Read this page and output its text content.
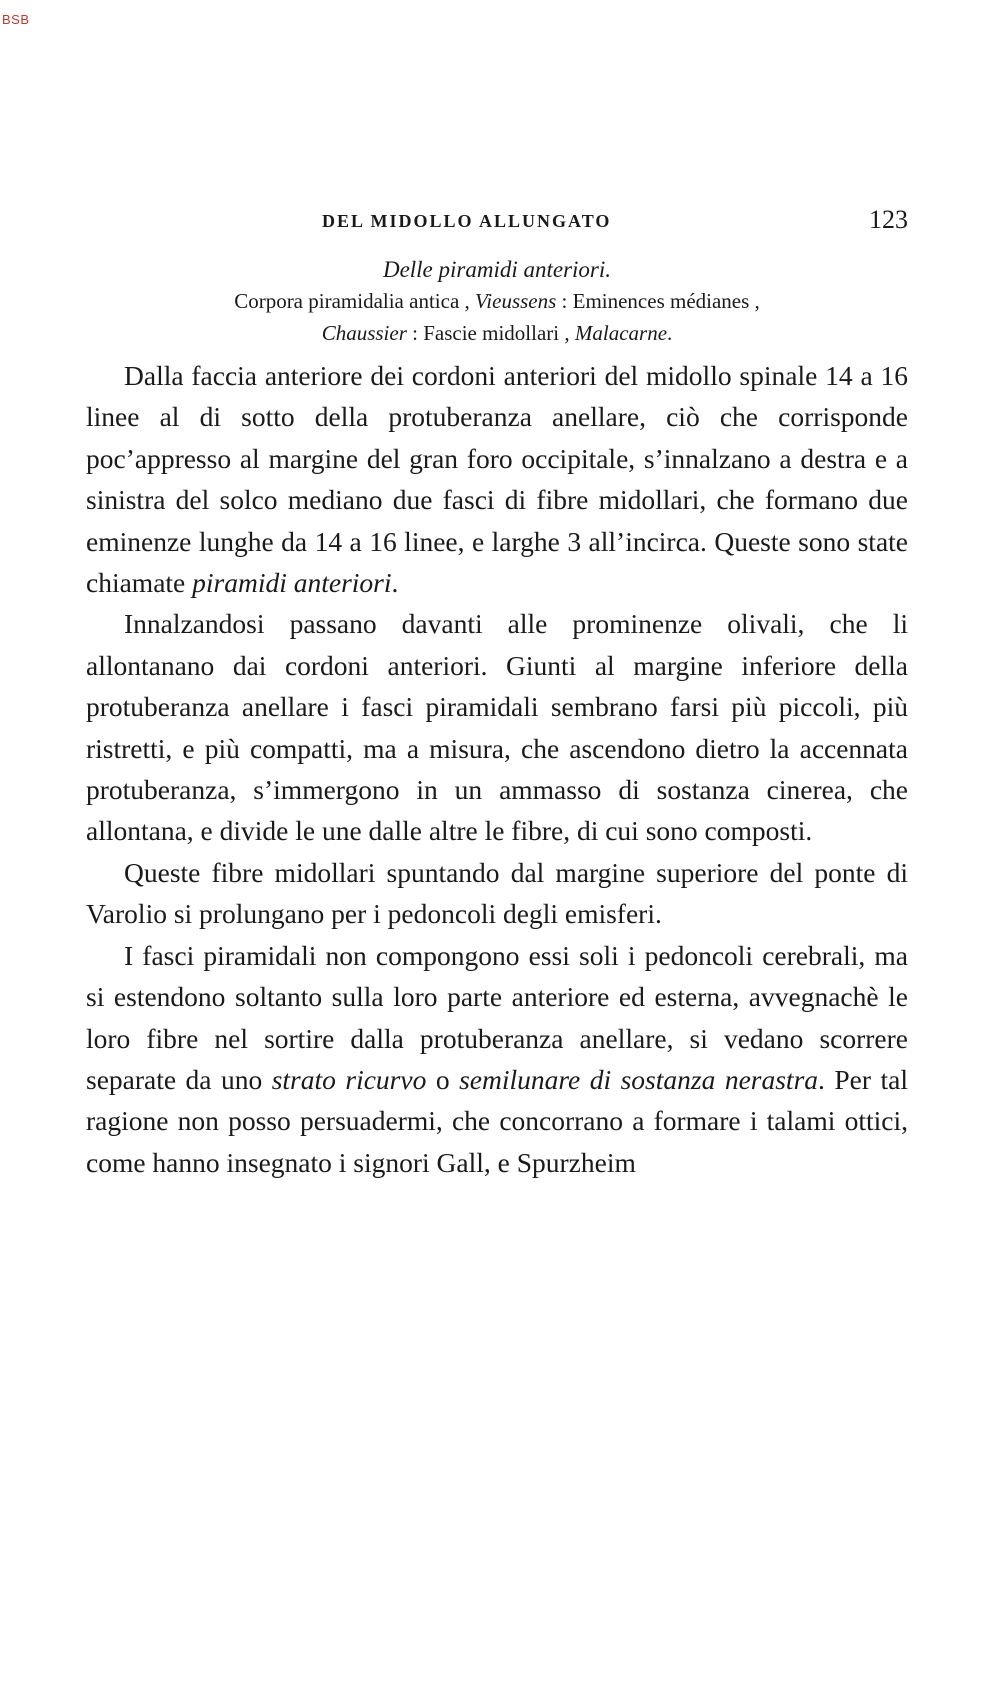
BSB
DEL MIDOLLO ALLUNGATO	123
Delle piramidi anteriori.
Corpora piramidalia antica , Vieussens : Eminences médianes ,
Chaussier : Fascie midollari , Malacarne.

Dalla faccia anteriore dei cordoni anteriori del midollo spinale 14 a 16 linee al di sotto della protuberanza anellare, ciò che corrisponde poc’appresso al margine del gran foro occipitale, s’innalzano a destra e a sinistra del solco mediano due fasci di fibre midollari, che formano due eminenze lunghe da 14 a 16 linee, e larghe 3 all’incirca. Queste sono state chiamate piramidi anteriori.

Innalzandosi passano davanti alle prominenze olivali, che li allontanano dai cordoni anteriori. Giunti al margine inferiore della protuberanza anellare i fasci piramidali sembrano farsi più piccoli, più ristretti, e più compatti, ma a misura, che ascendono dietro la accennata protuberanza, s’immergono in un ammasso di sostanza cinerea, che allontana, e divide le une dalle altre le fibre, di cui sono composti.

Queste fibre midollari spuntando dal margine superiore del ponte di Varolio si prolungano per i pedoncoli degli emisferi.

I fasci piramidali non compongono essi soli i pedoncoli cerebrali, ma si estendono soltanto sulla loro parte anteriore ed esterna, avvegnachè le loro fibre nel sortire dalla protuberanza anellare, si vedano scorrere separate da uno strato ricurvo o semilunare di sostanza nerastra. Per tal ragione non posso persuadermi, che concorrano a formare i talami ottici, come hanno insegnato i signori Gall, e Spurzheim
